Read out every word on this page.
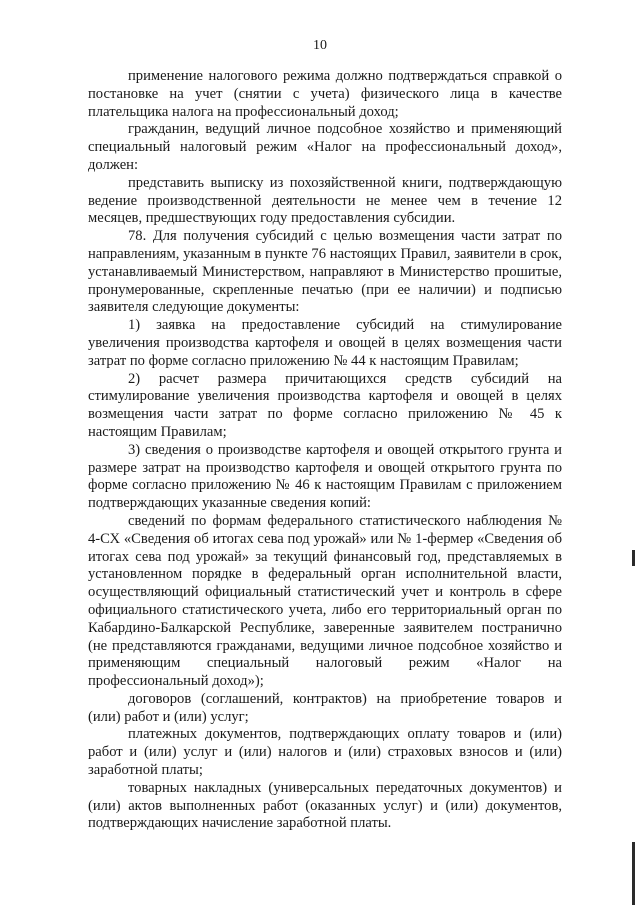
10

применение налогового режима должно подтверждаться справкой о постановке на учет (снятии с учета) физического лица в качестве плательщика налога на профессиональный доход;

гражданин, ведущий личное подсобное хозяйство и применяющий специальный налоговый режим «Налог на профессиональный доход», должен:

представить выписку из похозяйственной книги, подтверждающую ведение производственной деятельности не менее чем в течение 12 месяцев, предшествующих году предоставления субсидии.

78. Для получения субсидий с целью возмещения части затрат по направлениям, указанным в пункте 76 настоящих Правил, заявители в срок, устанавливаемый Министерством, направляют в Министерство прошитые, пронумерованные, скрепленные печатью (при ее наличии) и подписью заявителя следующие документы:

1) заявка на предоставление субсидий на стимулирование увеличения производства картофеля и овощей в целях возмещения части затрат по форме согласно приложению № 44 к настоящим Правилам;

2) расчет размера причитающихся средств субсидий на стимулирование увеличения производства картофеля и овощей в целях возмещения части затрат по форме согласно приложению № 45 к настоящим Правилам;

3) сведения о производстве картофеля и овощей открытого грунта и размере затрат на производство картофеля и овощей открытого грунта по форме согласно приложению № 46 к настоящим Правилам с приложением подтверждающих указанные сведения копий:

сведений по формам федерального статистического наблюдения № 4-СХ «Сведения об итогах сева под урожай» или № 1-фермер «Сведения об итогах сева под урожай» за текущий финансовый год, представляемых в установленном порядке в федеральный орган исполнительной власти, осуществляющий официальный статистический учет и контроль в сфере официального статистического учета, либо его территориальный орган по Кабардино-Балкарской Республике, заверенные заявителем постранично (не представляются гражданами, ведущими личное подсобное хозяйство и применяющим специальный налоговый режим «Налог на профессиональный доход»);

договоров (соглашений, контрактов) на приобретение товаров и (или) работ и (или) услуг;

платежных документов, подтверждающих оплату товаров и (или) работ и (или) услуг и (или) налогов и (или) страховых взносов и (или) заработной платы;

товарных накладных (универсальных передаточных документов) и (или) актов выполненных работ (оказанных услуг) и (или) документов, подтверждающих начисление заработной платы.
